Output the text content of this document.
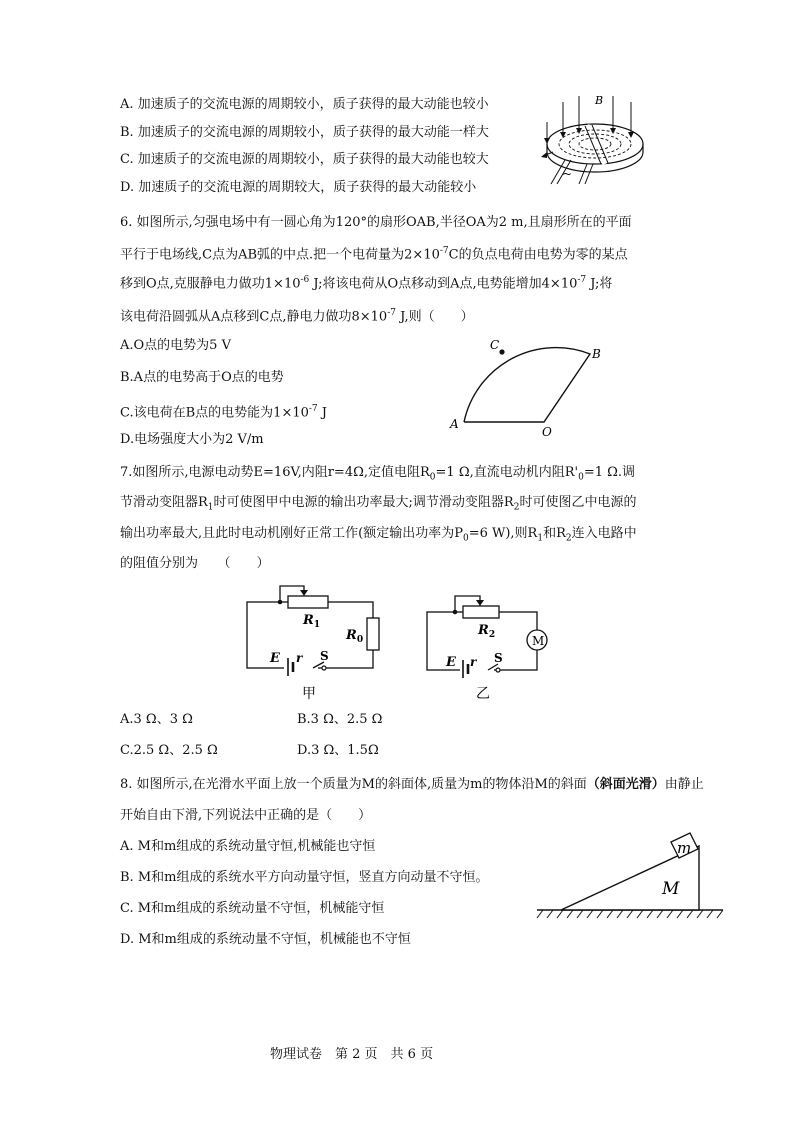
A. 加速质子的交流电源的周期较小，质子获得的最大动能也较小
B. 加速质子的交流电源的周期较小，质子获得的最大动能一样大
C. 加速质子的交流电源的周期较小，质子获得的最大动能也较大
D. 加速质子的交流电源的周期较大，质子获得的最大动能较小
B
~
6. 如图所示,匀强电场中有一圆心角为120°的扇形OAB,半径OA为2 m,且扇形所在的平面
平行于电场线,C点为AB弧的中点.把一个电荷量为$2\times 10^{-7}C$的负点电荷由电势为零的某点
移到O点,克服静电力做功$1\times 10^{-6}$ J;将该电荷从O点移动到A点,电势能增加$4\times 10^{-7}$ J;将
该电荷沿圆弧从A点移到C点,静电力做功$8\times 10^{-7}$ J,则（　　）
A.O点的电势为5 V
B.A点的电势高于O点的电势
C.该电荷在B点的电势能为$1\times 10^{-7}$ J
D.电场强度大小为2 V/m
C
B
A
O
7.如图所示,电源电动势E=16V,内阻r=4Ω,定值电阻$R_0=1$ Ω,直流电动机内阻$R'_0=1$ Ω.调
节滑动变阻器$R_1$时可使图甲中电源的输出功率最大;调节滑动变阻器$R_2$时可使图乙中电源的
输出功率最大,且此时电动机刚好正常工作(额定输出功率为$P_0=6$ W),则$R_1$和$R_2$连入电路中
的阻值分别为　　（　　）
$R_1$
$R_0$
E r S
甲
M
$R_2$
E r S
乙
A.3 Ω、3 Ω	B.3 Ω、2.5 Ω
C.2.5 Ω、2.5 Ω	D.3 Ω、1.5Ω
8. 如图所示,在光滑水平面上放一个质量为M的斜面体,质量为m的物体沿M的斜面（斜面光滑）由静止
开始自由下滑,下列说法中正确的是（　　）
A. M和m组成的系统动量守恒,机械能也守恒
B. M和m组成的系统水平方向动量守恒，竖直方向动量不守恒。
C. M和m组成的系统动量不守恒，机械能守恒
D. M和m组成的系统动量不守恒，机械能也不守恒
m
M
物理试卷　第 2 页　共 6 页
